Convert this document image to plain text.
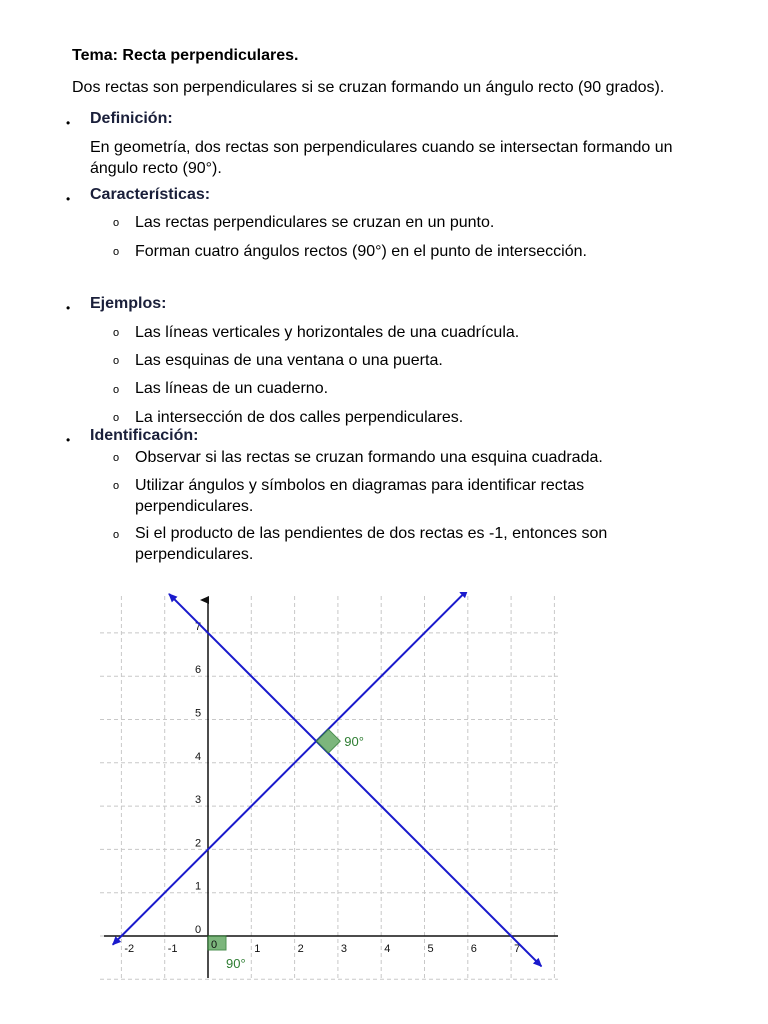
Tema: Recta perpendiculares.
Dos rectas son perpendiculares si se cruzan formando un ángulo recto (90 grados).
• Definición:
En geometría, dos rectas son perpendiculares cuando se intersectan formando un ángulo recto (90°).
• Características:
o Las rectas perpendiculares se cruzan en un punto.
o Forman cuatro ángulos rectos (90°) en el punto de intersección.
• Ejemplos:
o Las líneas verticales y horizontales de una cuadrícula.
o Las esquinas de una ventana o una puerta.
o Las líneas de un cuaderno.
o La intersección de dos calles perpendiculares.
• Identificación:
o Observar si las rectas se cruzan formando una esquina cuadrada.
o Utilizar ángulos y símbolos en diagramas para identificar rectas perpendiculares.
o Si el producto de las pendientes de dos rectas es -1, entonces son perpendiculares.
-2	-1	1	2	3	4	5	6	7
0
1
2
3
4
5
6
7
90°
90°
0
